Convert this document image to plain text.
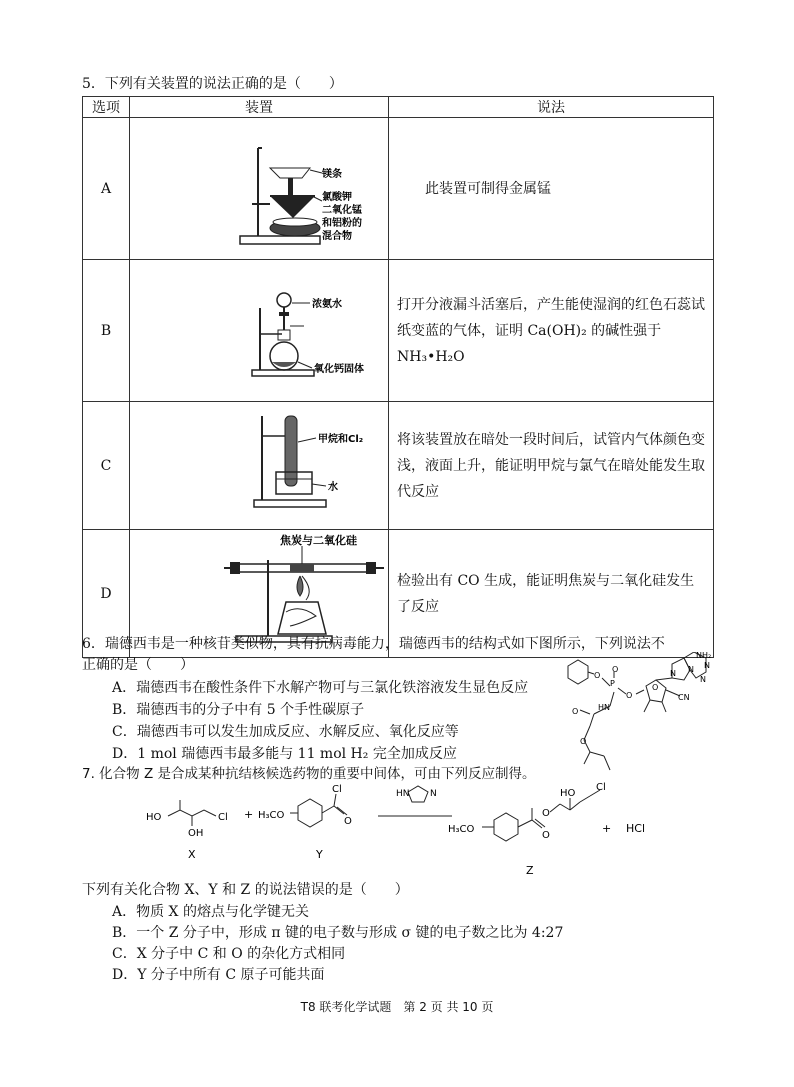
5．下列有关装置的说法正确的是（　　）
选项	装置	说法
A	镁条
氯酸钾
二氧化锰
和铝粉的
混合物	此装置可制得金属锰
B	浓氨水
氧化钙固体	打开分液漏斗活塞后，产生能使湿润的红色石蕊试纸变蓝的气体，证明 Ca(OH)₂ 的碱性强于 NH₃•H₂O
C	甲烷和Cl₂
水	将该装置放在暗处一段时间后，试管内气体颜色变浅，液面上升，能证明甲烷与氯气在暗处能发生取代反应
D	焦炭与二氧化硅	检验出有 CO 生成，能证明焦炭与二氧化硅发生了反应
6．瑞德西韦是一种核苷类似物，具有抗病毒能力，瑞德西韦的结构式如下图所示，下列说法不
正确的是（　　）
A．瑞德西韦在酸性条件下水解产物可与三氯化铁溶液发生显色反应
B．瑞德西韦的分子中有 5 个手性碳原子
C．瑞德西韦可以发生加成反应、水解反应、氧化反应等
D．1 mol 瑞德西韦最多能与 11 mol H₂ 完全加成反应
NH₂
N N N
O
P
O
O
O
HN
O
O
CN
N
7. 化合物 Z 是合成某种抗结核候选药物的重要中间体，可由下列反应制得。
HO
OH
Cl
X
+ H₃CO
Cl
O
Y
HN N
H₃CO
O
O
HO
Cl
Z
+ HCl
下列有关化合物 X、Y 和 Z 的说法错误的是（　　）
A．物质 X 的熔点与化学键无关
B．一个 Z 分子中，形成 π 键的电子数与形成 σ 键的电子数之比为 4:27
C．X 分子中 C 和 O 的杂化方式相同
D．Y 分子中所有 C 原子可能共面
T8 联考化学试题　第 2 页 共 10 页
